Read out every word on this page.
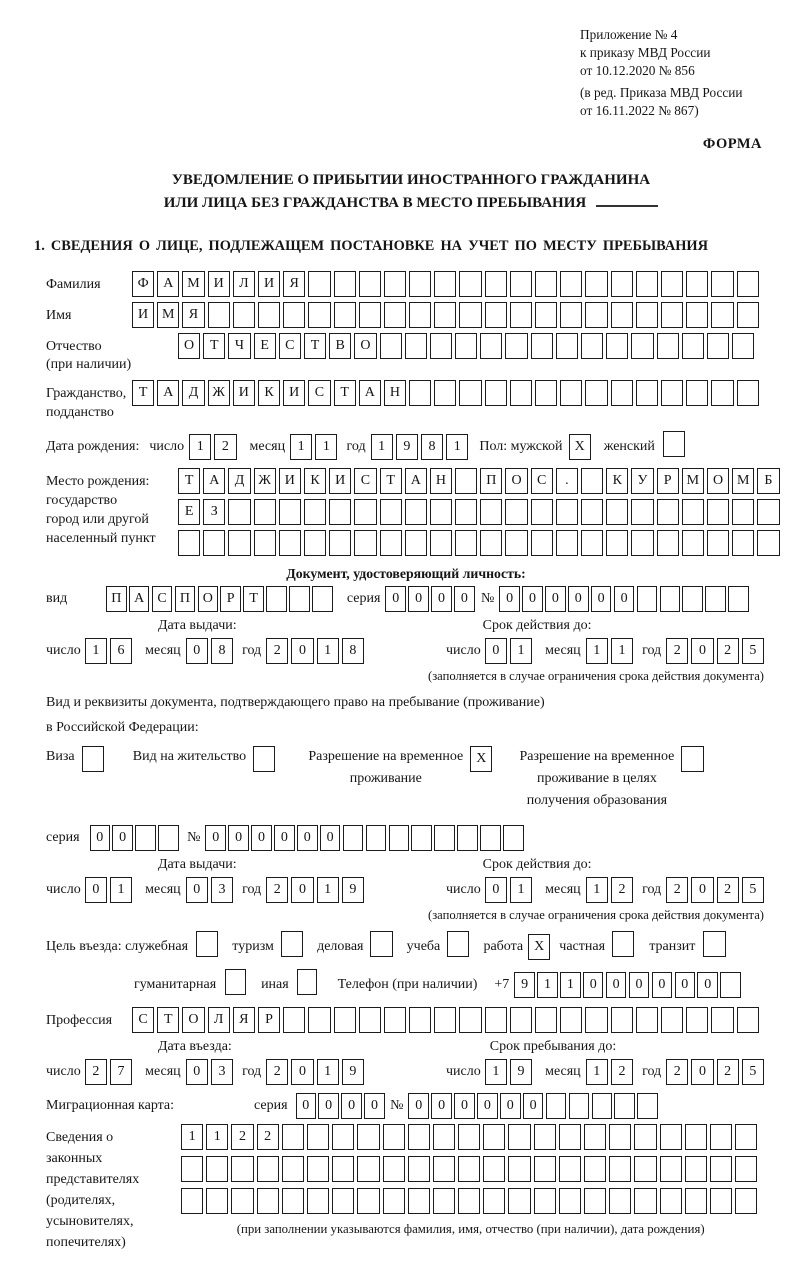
Приложение № 4
к приказу МВД России
от 10.12.2020 № 856
(в ред. Приказа МВД России
от 16.11.2022 № 867)
ФОРМА
УВЕДОМЛЕНИЕ О ПРИБЫТИИ ИНОСТРАННОГО ГРАЖДАНИНА
ИЛИ ЛИЦА БЕЗ ГРАЖДАНСТВА В МЕСТО ПРЕБЫВАНИЯ
1. СВЕДЕНИЯ О ЛИЦЕ, ПОДЛЕЖАЩЕМ ПОСТАНОВКЕ НА УЧЕТ ПО МЕСТУ ПРЕБЫВАНИЯ
Фамилия	Ф	А М И	Л	И	Я
Имя	И М	Я
Отчество
(при наличии)
О	Т	Ч	Е	С	Т	В	О
Гражданство,
подданство
Т	А	Д	Ж И	К	И	С	Т	А	Н
Дата рождения: число 1	2	месяц 1	1	год 1	9	8	1	Пол: мужской X	женский
Место рождения:
государство
город или другой
населенный пункт
Т	А	Д	Ж И	К	И	С	Т	А	Н	П	О	С	.	К	У	Р	М О М	Б
Е	З
Документ, удостоверяющий личность:
вид	П А С П О Р	Т	серия 0	0	0	0 № 0	0	0	0	0	0
Дата выдачи:	Срок действия до:
число 1	6	месяц 0	8	год 2	0	1	8	число 0	1	месяц 1	1	год 2	0	2	5
(заполняется в случае ограничения срока действия документа)
Вид и реквизиты документа, подтверждающего право на пребывание (проживание)
в Российской Федерации:
Виза	Вид на жительство	Разрешение на временное
проживание
X	Разрешение на временное
проживание в целях
получения образования
серия	0	0	№ 0	0	0	0	0	0
Дата выдачи:	Срок действия до:
число 0	1	месяц 0	3	год 2	0	1	9	число 0	1	месяц 1	2	год 2	0	2	5
(заполняется в случае ограничения срока действия документа)
Цель въезда: служебная	туризм	деловая	учеба	работа X	частная	транзит
гуманитарная	иная	Телефон (при наличии) +7 9	1	1	0	0	0	0	0	0
Профессия	С	Т	О	Л	Я	Р
Дата въезда:	Срок пребывания до:
число 2	7	месяц 0	3	год 2	0	1	9	число 1	9	месяц 1	2	год 2	0	2	5
Миграционная карта:	серия	0	0	0	0 № 0	0	0	0	0	0
Сведения о
законных
представителях
(родителях,
усыновителях,
попечителях)
1	1	2	2
(при заполнении указываются фамилия, имя, отчество (при наличии), дата рождения)
